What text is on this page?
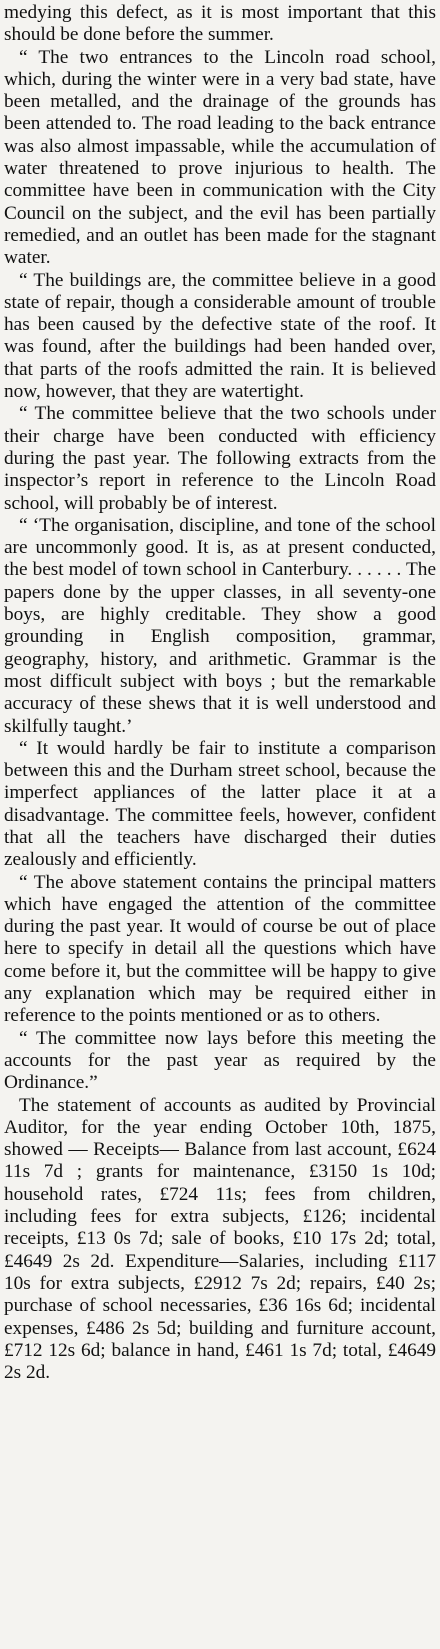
medying this defect, as it is most important that this should be done before the summer.

“ The two entrances to the Lincoln road school, which, during the winter were in a very bad state, have been metalled, and the drainage of the grounds has been attended to. The road leading to the back entrance was also almost impassable, while the accumulation of water threatened to prove injurious to health. The committee have been in communication with the City Council on the subject, and the evil has been partially remedied, and an outlet has been made for the stagnant water.

“ The buildings are, the committee believe in a good state of repair, though a considerable amount of trouble has been caused by the defective state of the roof. It was found, after the buildings had been handed over, that parts of the roofs admitted the rain. It is believed now, however, that they are watertight.

“ The committee believe that the two schools under their charge have been conducted with efficiency during the past year. The following extracts from the inspector’s report in reference to the Lincoln Road school, will probably be of interest.

“ ‘The organisation, discipline, and tone of the school are uncommonly good. It is, as at present conducted, the best model of town school in Canterbury. . . . . . The papers done by the upper classes, in all seventy-one boys, are highly creditable. They show a good grounding in English composition, grammar, geography, history, and arithmetic. Grammar is the most difficult subject with boys ; but the remarkable accuracy of these shews that it is well understood and skilfully taught.’

“ It would hardly be fair to institute a comparison between this and the Durham street school, because the imperfect appliances of the latter place it at a disadvantage. The committee feels, however, confident that all the teachers have discharged their duties zealously and efficiently.

“ The above statement contains the principal matters which have engaged the attention of the committee during the past year. It would of course be out of place here to specify in detail all the questions which have come before it, but the committee will be happy to give any explanation which may be required either in reference to the points mentioned or as to others.

“ The committee now lays before this meeting the accounts for the past year as required by the Ordinance.”

The statement of accounts as audited by Provincial Auditor, for the year ending October 10th, 1875, showed — Receipts— Balance from last account, £624 11s 7d ; grants for maintenance, £3150 1s 10d; household rates, £724 11s; fees from children, including fees for extra subjects, £126; incidental receipts, £13 0s 7d; sale of books, £10 17s 2d; total, £4649 2s 2d. Expenditure—Salaries, including £117 10s for extra subjects, £2912 7s 2d; repairs, £40 2s; purchase of school necessaries, £36 16s 6d; incidental expenses, £486 2s 5d; building and furniture account, £712 12s 6d; balance in hand, £461 1s 7d; total, £4649 2s 2d.
